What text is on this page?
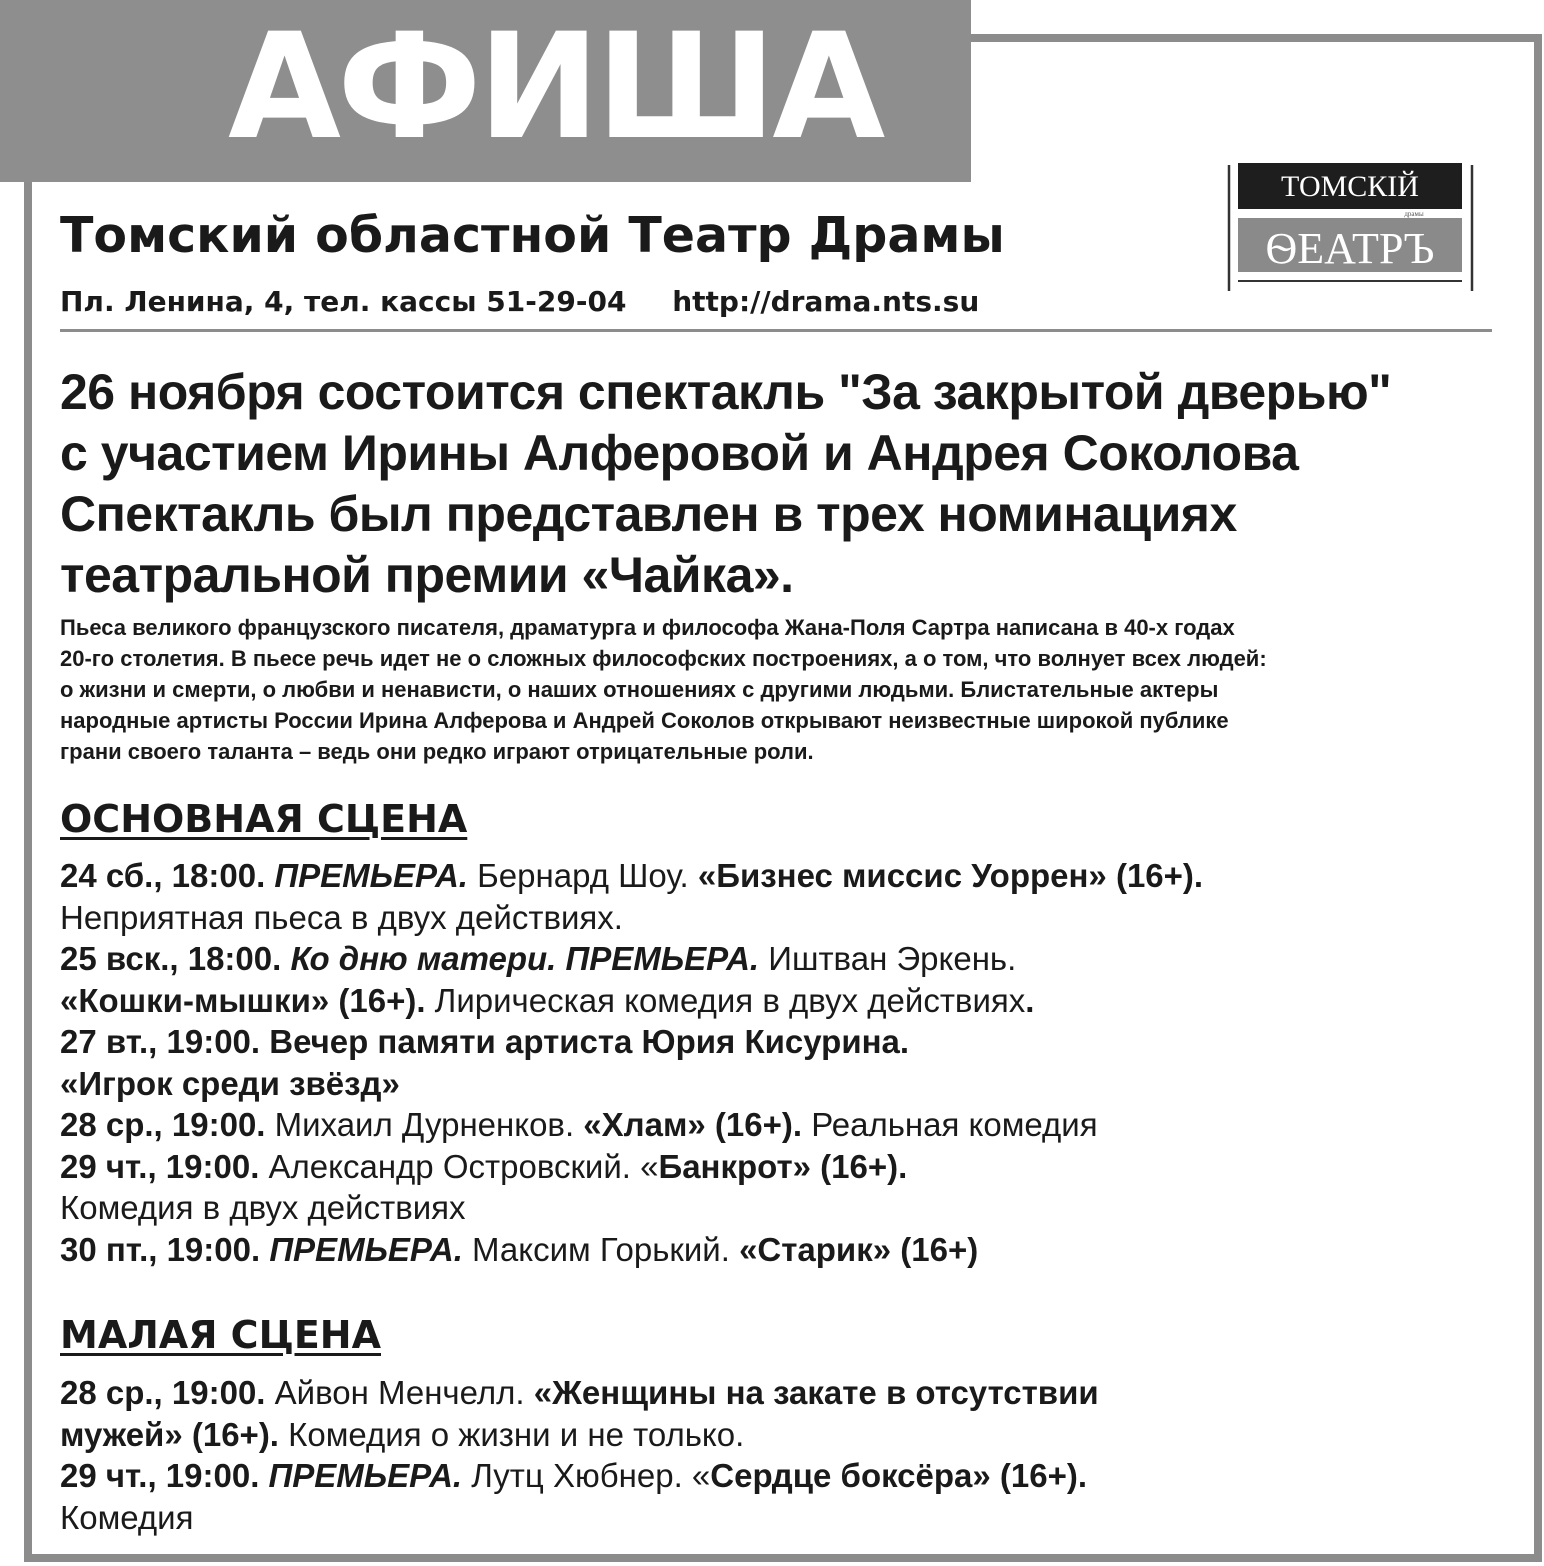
АФИША
Томский областной Театр Драмы
Пл. Ленина, 4, тел. кассы 51-29-04 http://drama.nts.su
ТОМСКIЙ
драмы
ѲЕАТРЪ
26 ноября состоится спектакль "За закрытой дверью"
с участием Ирины Алферовой и Андрея Соколова
Спектакль был представлен в трех номинациях
театральной премии «Чайка».
Пьеса великого французского писателя, драматурга и философа Жана-Поля Сартра написана в 40-х годах
20-го столетия. В пьесе речь идет не о сложных философских построениях, а о том, что волнует всех людей:
о жизни и смерти, о любви и ненависти, о наших отношениях с другими людьми. Блистательные актеры
народные артисты России Ирина Алферова и Андрей Соколов открывают неизвестные широкой публике
грани своего таланта – ведь они редко играют отрицательные роли.
ОСНОВНАЯ СЦЕНА
24 сб., 18:00. ПРЕМЬЕРА. Бернард Шоу. «Бизнес миссис Уоррен» (16+).
Неприятная пьеса в двух действиях.
25 вск., 18:00. Ко дню матери. ПРЕМЬЕРА. Иштван Эркень.
«Кошки-мышки» (16+). Лирическая комедия в двух действиях.
27 вт., 19:00. Вечер памяти артиста Юрия Кисурина.
«Игрок среди звёзд»
28 ср., 19:00. Михаил Дурненков. «Хлам» (16+). Реальная комедия
29 чт., 19:00. Александр Островский. «Банкрот» (16+).
Комедия в двух действиях
30 пт., 19:00. ПРЕМЬЕРА. Максим Горький. «Старик» (16+)
МАЛАЯ СЦЕНА
28 ср., 19:00. Айвон Менчелл. «Женщины на закате в отсутствии
мужей» (16+). Комедия о жизни и не только.
29 чт., 19:00. ПРЕМЬЕРА. Лутц Хюбнер. «Сердце боксёра» (16+).
Комедия
